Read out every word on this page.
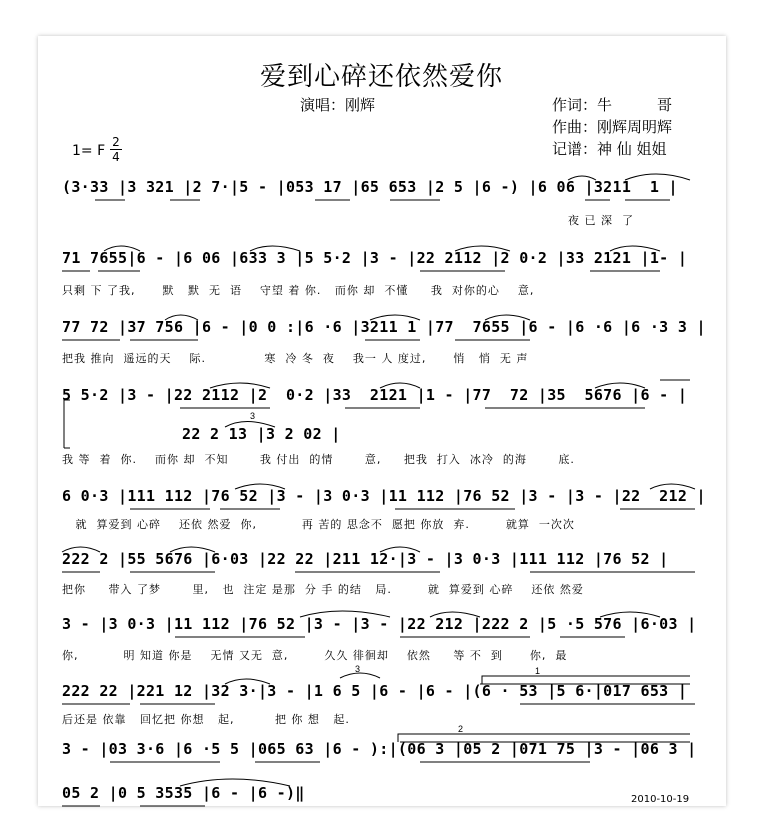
爱到心碎还依然爱你
演唱：刚辉	作词：牛　　　哥
作曲：刚辉周明辉
记谱：神 仙 姐姐
1= F
2
4
(3·33 |3 321 |2 7·|5 - |053 17 |65 653 |2 5 |6 -) |6 06 |3211  1 |
夜 已 深  了
71 7655|6 - |6 06 |633 3 |5 5·2 |3 - |22 2112 |2 0·2 |33 2121 |1- |
只剩 下 了我,      默   默  无  语    守望 着 你.   而你 却  不懂     我  对你的心    意,
77 72 |37 756 |6 - |0 0 :|6 ·6 |3211 1 |77  7655 |6 - |6 ·6 |6 ·3 3 |
把我 推向  遥远的天    际.             寒  冷 冬  夜    我一 人 度过,      悄   悄  无 声
5 5·2 |3 - |22 2112 |2  0·2 |33  2121 |1 - |77  72 |35  5676 |6 - |
22 2 13 |3 2 02 |
我 等  着  你.    而你 却  不知       我 付出  的情       意,     把我  打入  冰冷  的海       底.
6 0·3 |111 112 |76 52 |3 - |3 0·3 |11 112 |76 52 |3 - |3 - |22  212 |
就  算爱到 心碎    还依 然爱  你,          再 苦的 思念不  愿把 你放  弃.        就算  一次次
222 2 |55 5676 |6·03 |22 22 |211 12·|3 - |3 0·3 |111 112 |76 52 |
把你     带入 了梦       里,   也  注定 是那  分 手 的结   局.        就  算爱到 心碎    还依 然爱
3 - |3 0·3 |11 112 |76 52 |3 - |3 - |22 212 |222 2 |5 ·5 576 |6·03 |
你,          明 知道 你是    无情 又无  意,        久久 徘徊却    依然     等 不  到      你,  最
222 22 |221 12 |32 3·|3 - |1 6 5 |6 - |6 - |(6 · 53 |5 6·|017 653 |
后还是 依靠   回忆把 你想   起,         把 你 想   起.
3 - |03 3·6 |6 ·5 5 |065 63 |6 - ):|(06 3 |05 2 |071 75 |3 - |06 3 |
05 2 |0 5 3535 |6 - |6 -)‖	2010-10-19
1
2
3
3
